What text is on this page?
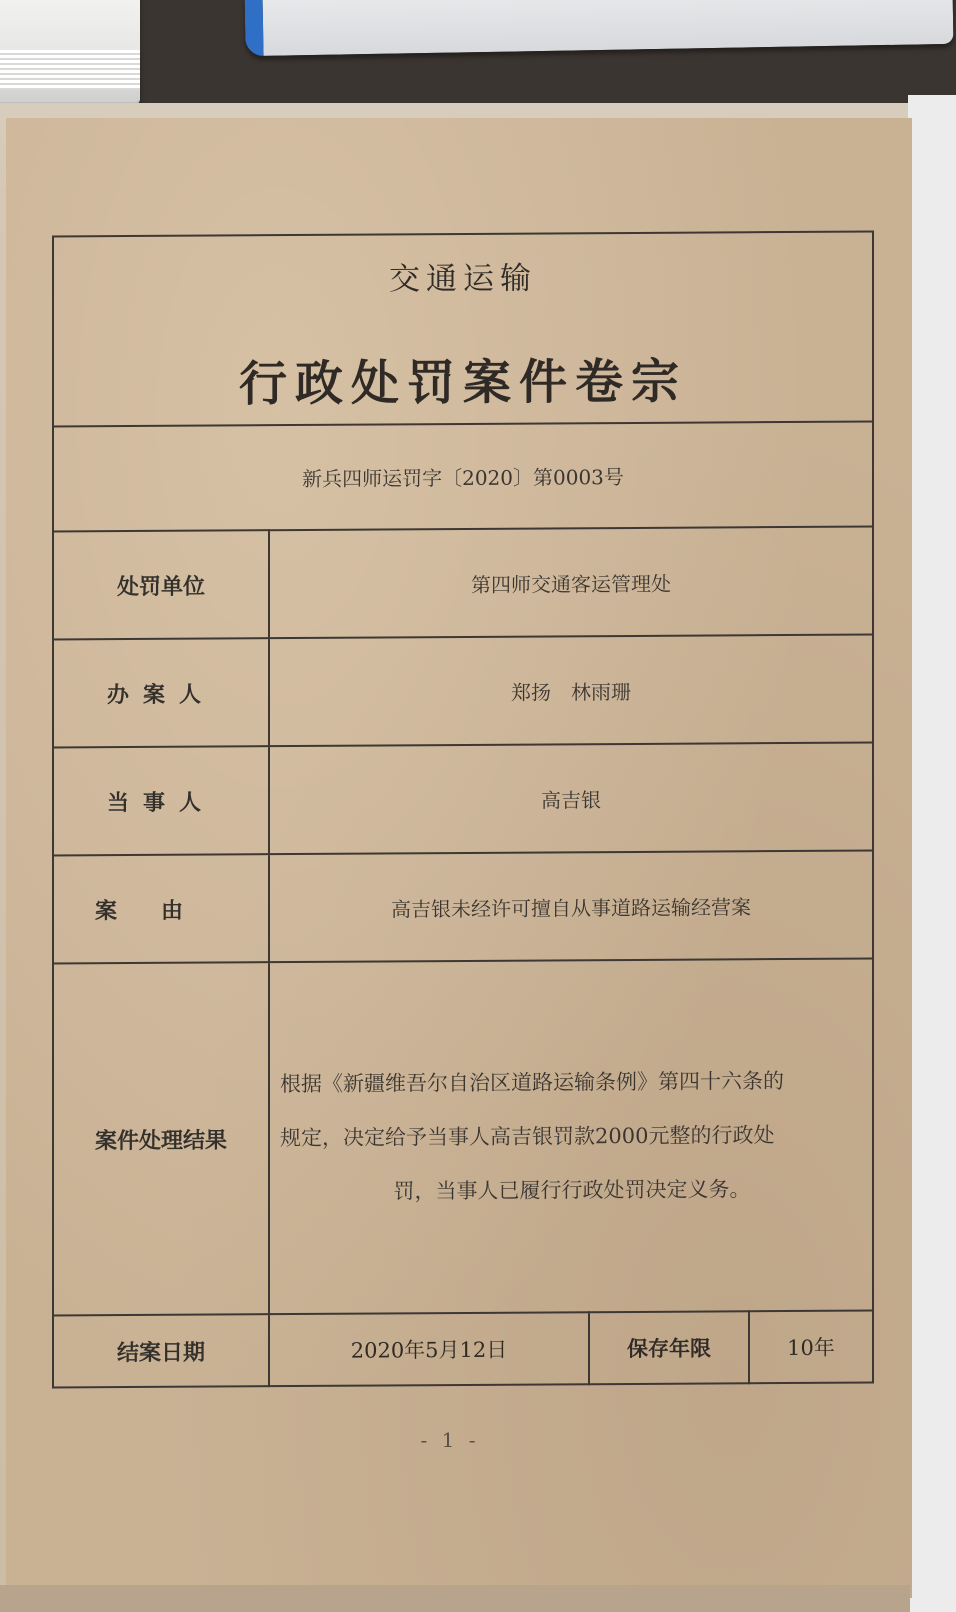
交通运输
行政处罚案件卷宗			

新兵四师运罚字〔2020〕第0003号			
处罚单位	第四师交通客运管理处		
办案人	郑扬　林雨珊		
当事人	高吉银		
案由	高吉银未经许可擅自从事道路运输经营案		
案件处理结果	根据《新疆维吾尔自治区道路运输条例》第四十六条的
规定，决定给予当事人高吉银罚款2000元整的行政处
罚，当事人已履行行政处罚决定义务。		

结案日期	2020年5月12日	保存年限	10年
- 1 -
